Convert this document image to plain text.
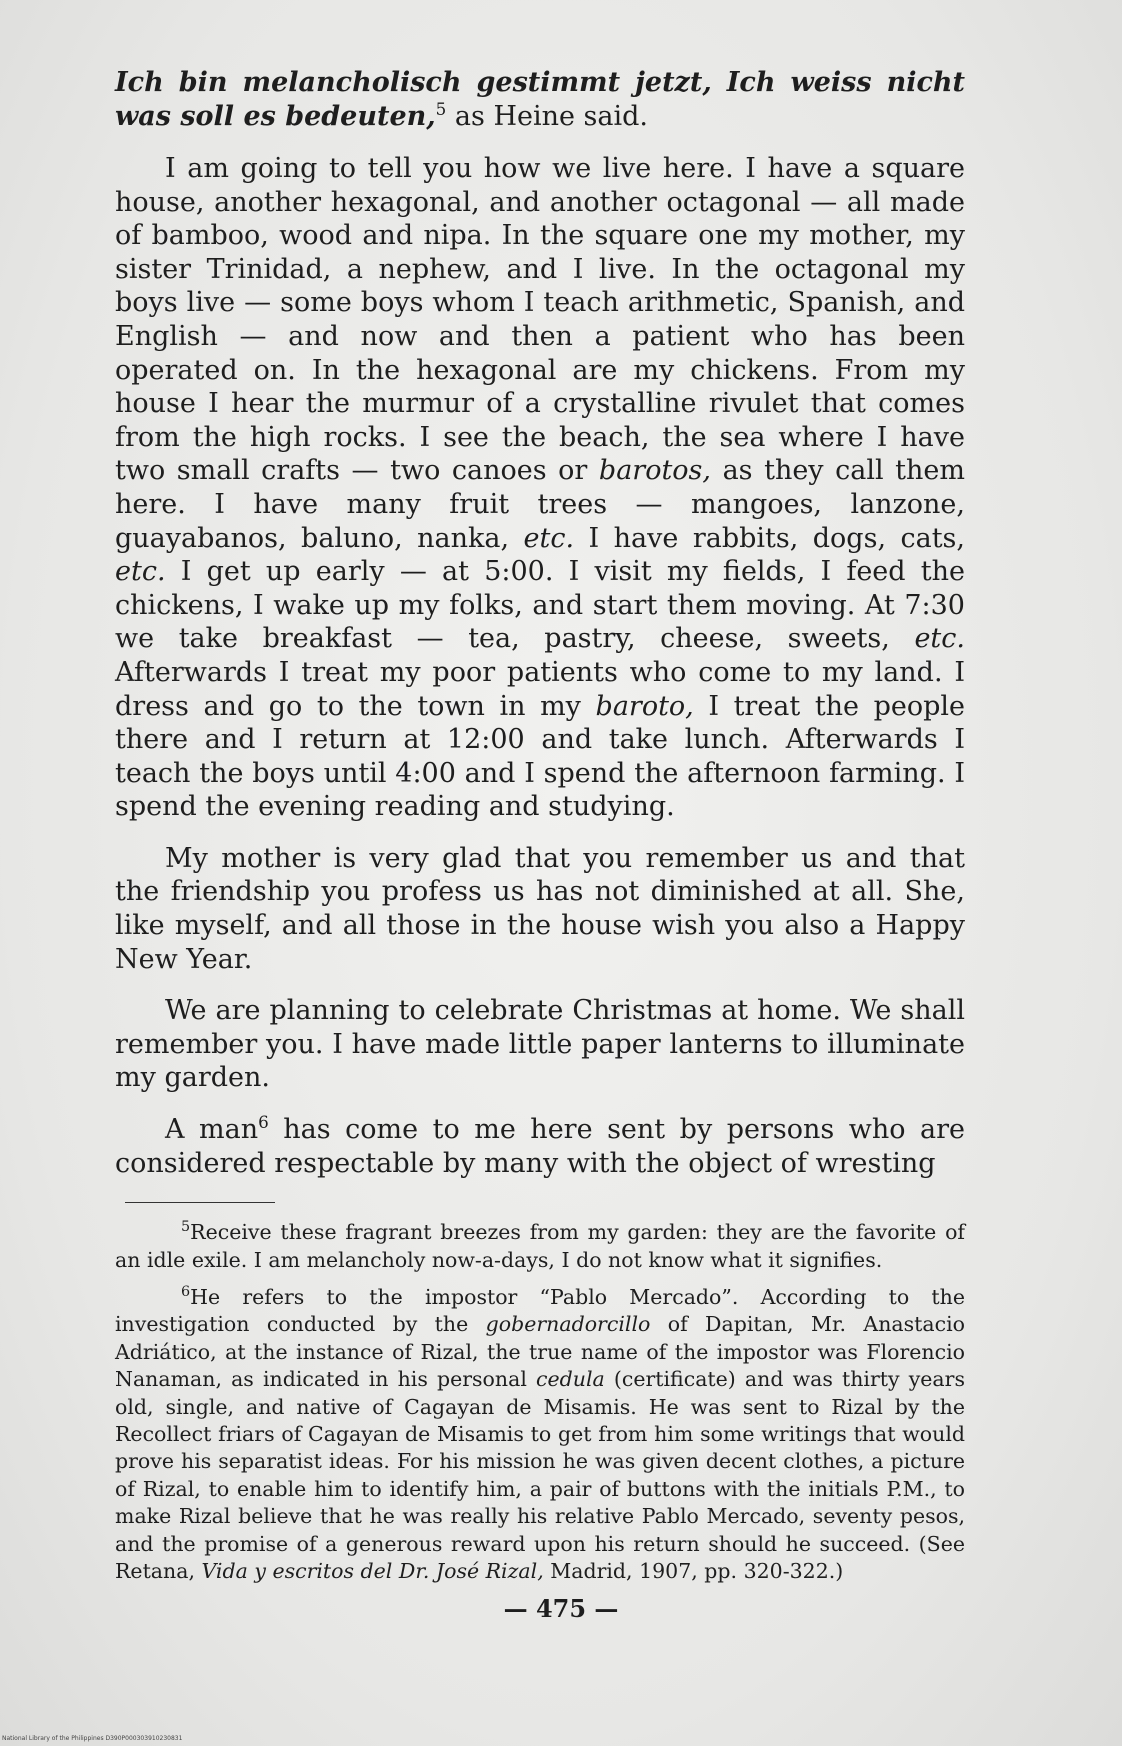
Ich bin melancholisch gestimmt jetzt, Ich weiss nicht was soll es bedeuten,$^5$ as Heine said.

I am going to tell you how we live here. I have a square house, another hexagonal, and another octagonal — all made of bamboo, wood and nipa. In the square one my mother, my sister Trinidad, a nephew, and I live. In the octagonal my boys live — some boys whom I teach arithmetic, Spanish, and English — and now and then a patient who has been operated on. In the hexagonal are my chickens. From my house I hear the murmur of a crystalline rivulet that comes from the high rocks. I see the beach, the sea where I have two small crafts — two canoes or barotos, as they call them here. I have many fruit trees — mangoes, lanzone, guayabanos, baluno, nanka, etc. I have rabbits, dogs, cats, etc. I get up early — at 5:00. I visit my fields, I feed the chickens, I wake up my folks, and start them moving. At 7:30 we take breakfast — tea, pastry, cheese, sweets, etc. Afterwards I treat my poor patients who come to my land. I dress and go to the town in my baroto, I treat the people there and I return at 12:00 and take lunch. Afterwards I teach the boys until 4:00 and I spend the afternoon farming. I spend the evening reading and studying.

My mother is very glad that you remember us and that the friendship you profess us has not diminished at all. She, like myself, and all those in the house wish you also a Happy New Year.

We are planning to celebrate Christmas at home. We shall remember you. I have made little paper lanterns to illuminate my garden.

A man$^6$ has come to me here sent by persons who are considered respectable by many with the object of wresting

$^5$Receive these fragrant breezes from my garden: they are the favorite of an idle exile. I am melancholy now-a-days, I do not know what it signifies.

$^6$He refers to the impostor “Pablo Mercado”. According to the investigation conducted by the gobernadorcillo of Dapitan, Mr. Anastacio Adriático, at the instance of Rizal, the true name of the impostor was Florencio Nanaman, as indicated in his personal cedula (certificate) and was thirty years old, single, and native of Cagayan de Misamis. He was sent to Rizal by the Recollect friars of Cagayan de Misamis to get from him some writings that would prove his separatist ideas. For his mission he was given decent clothes, a picture of Rizal, to enable him to identify him, a pair of buttons with the initials P.M., to make Rizal believe that he was really his relative Pablo Mercado, seventy pesos, and the promise of a generous reward upon his return should he succeed. (See Retana, Vida y escritos del Dr. José Rizal, Madrid, 1907, pp. 320-322.)

— 475 —
National Library of the Philippines D390P000303910230831
